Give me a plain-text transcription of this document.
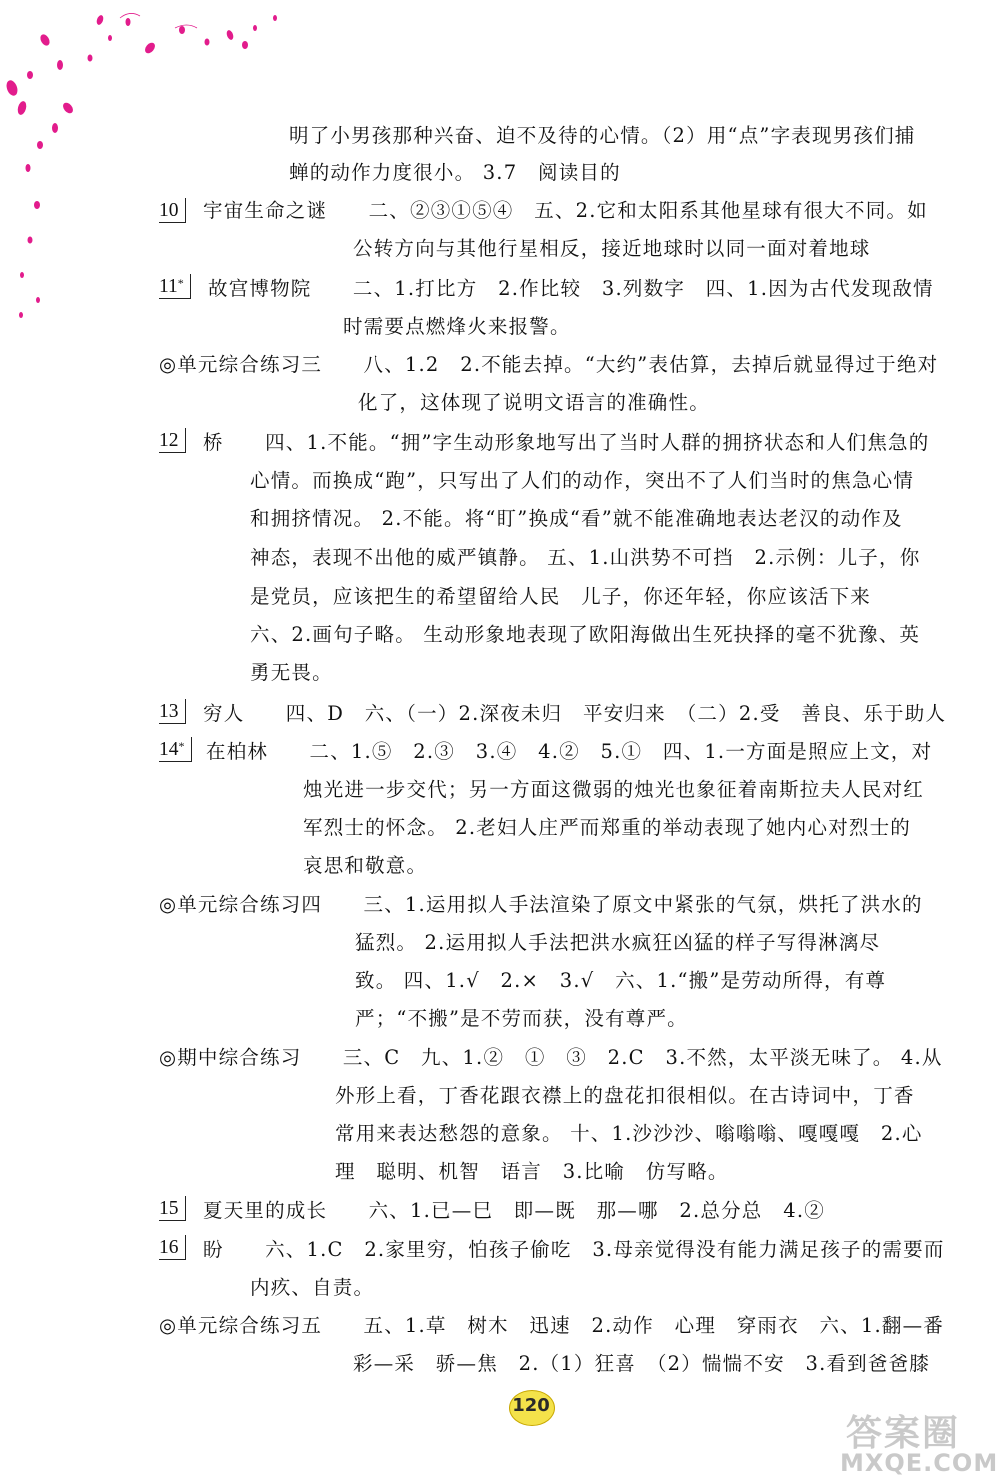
明了小男孩那种兴奋、迫不及待的心情。（2）用“点”字表现男孩们捕
蝉的动作力度很小。 3.7　阅读目的
10	宇宙生命之谜　　二、②③①⑤④　五、2.它和太阳系其他星球有很大不同。如
公转方向与其他行星相反，接近地球时以同一面对着地球
11*	故宫博物院　　二、1.打比方　2.作比较　3.列数字　四、1.因为古代发现敌情
时需要点燃烽火来报警。
◎单元综合练习三　　八、1.2　2.不能去掉。“大约”表估算，去掉后就显得过于绝对
化了，这体现了说明文语言的准确性。
12	桥　　四、1.不能。“拥”字生动形象地写出了当时人群的拥挤状态和人们焦急的
心情。而换成“跑”，只写出了人们的动作，突出不了人们当时的焦急心情
和拥挤情况。 2.不能。将“盯”换成“看”就不能准确地表达老汉的动作及
神态，表现不出他的威严镇静。 五、1.山洪势不可挡　2.示例：儿子，你
是党员，应该把生的希望留给人民　儿子，你还年轻，你应该活下来
六、2.画句子略。 生动形象地表现了欧阳海做出生死抉择的毫不犹豫、英
勇无畏。
13	穷人　　四、D　六、（一）2.深夜未归　平安归来　（二）2.受　善良、乐于助人
14*	在柏林　　二、1.⑤　2.③　3.④　4.②　5.①　四、1.一方面是照应上文，对
烛光进一步交代；另一方面这微弱的烛光也象征着南斯拉夫人民对红
军烈士的怀念。 2.老妇人庄严而郑重的举动表现了她内心对烈士的
哀思和敬意。
◎单元综合练习四　　三、1.运用拟人手法渲染了原文中紧张的气氛，烘托了洪水的
猛烈。 2.运用拟人手法把洪水疯狂凶猛的样子写得淋漓尽
致。 四、1.√　2.×　3.√　六、1.“搬”是劳动所得，有尊
严；“不搬”是不劳而获，没有尊严。
◎期中综合练习　　三、C　九、1.②　①　③　2.C　3.不然，太平淡无味了。 4.从
外形上看，丁香花跟衣襟上的盘花扣很相似。在古诗词中，丁香
常用来表达愁怨的意象。 十、1.沙沙沙、嗡嗡嗡、嘎嘎嘎　2.心
理　聪明、机智　语言　3.比喻　仿写略。
15	夏天里的成长　　六、1.已—巳　即—既　那—哪　2.总分总　4.②
16	盼　　六、1.C　2.家里穷，怕孩子偷吃　3.母亲觉得没有能力满足孩子的需要而
内疚、自责。
◎单元综合练习五　　五、1.草　树木　迅速　2.动作　心理　穿雨衣　六、1.翻—番
彩—采　骄—焦　2.（1）狂喜　（2）惴惴不安　3.看到爸爸膝
120
答案圈
MXQE.COM
